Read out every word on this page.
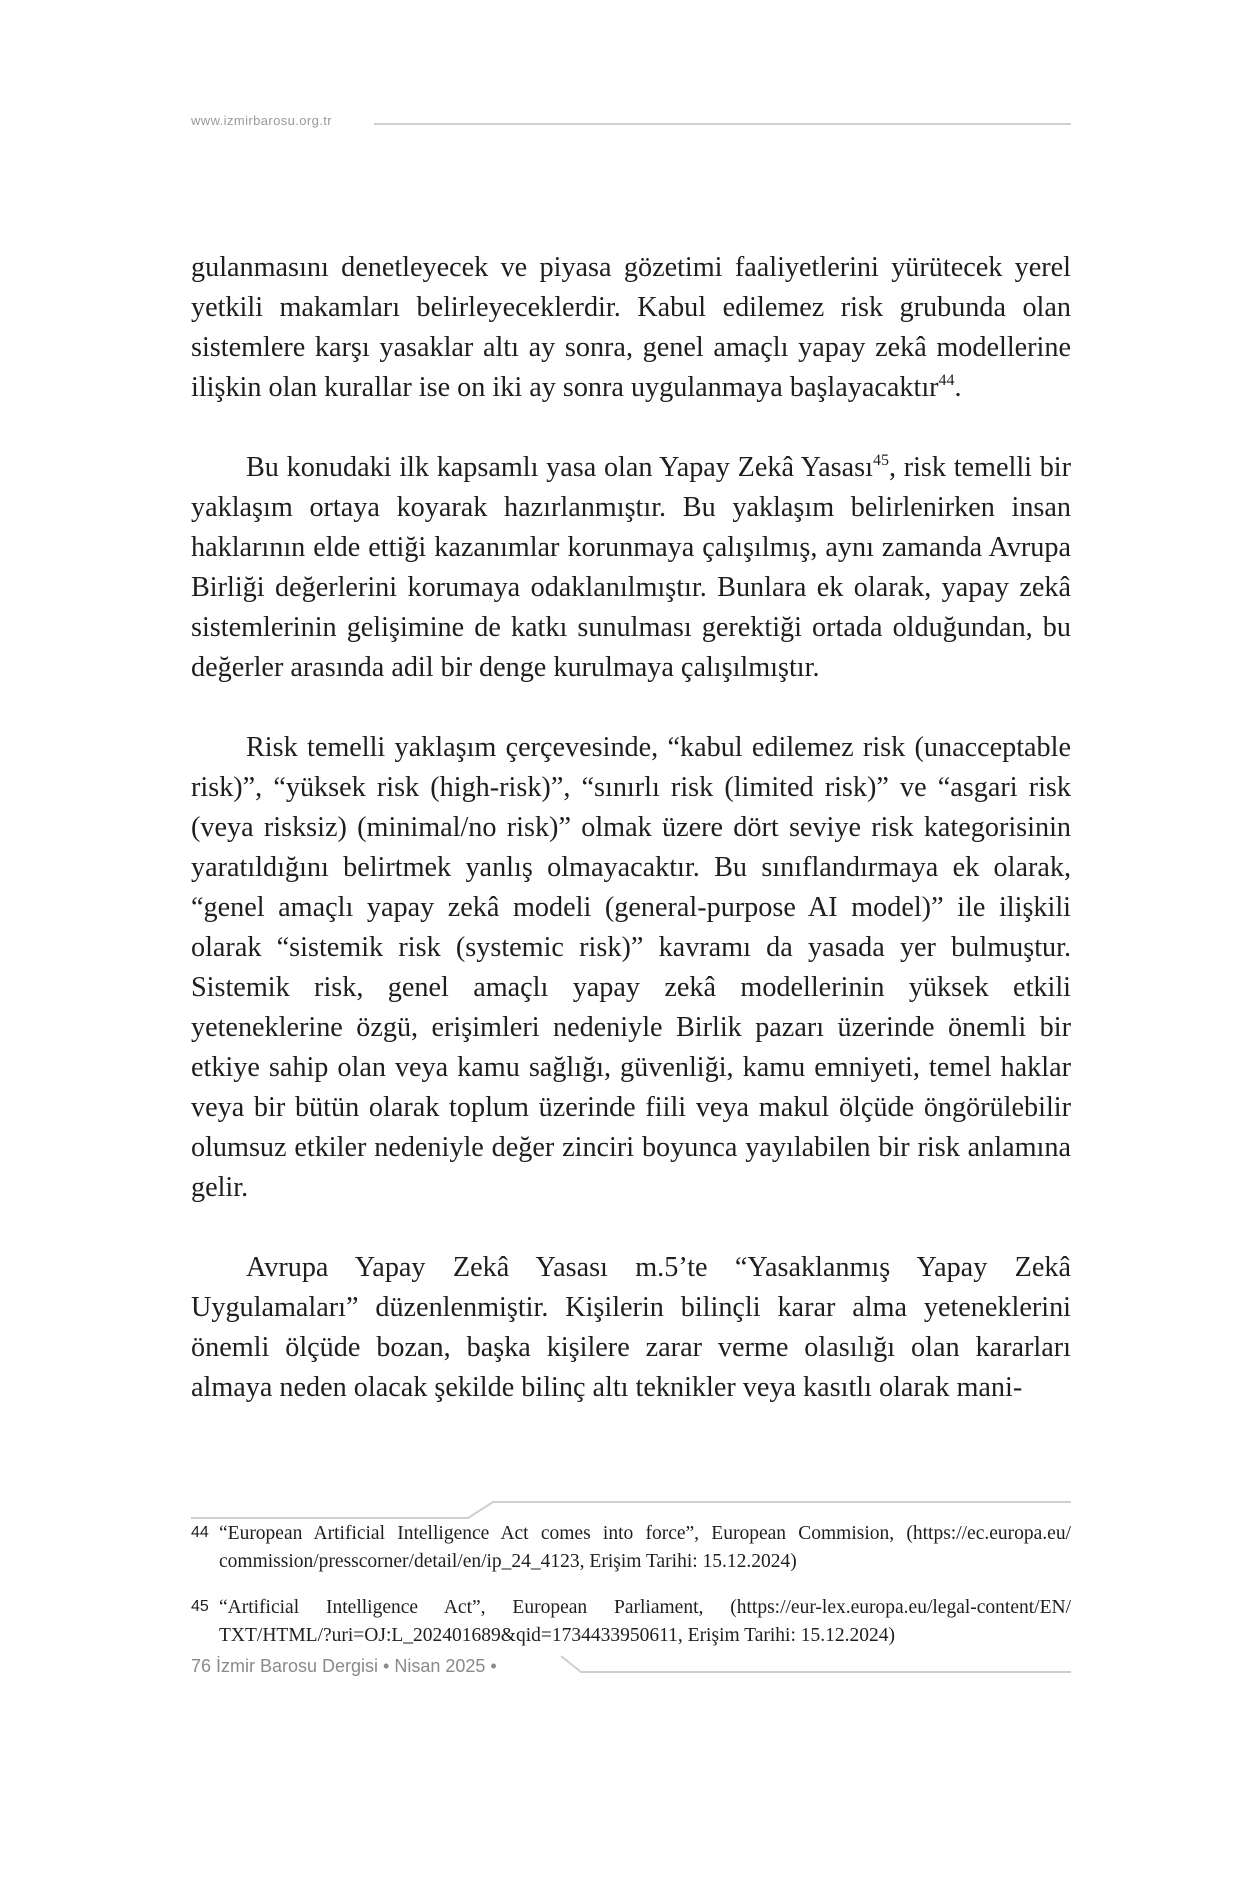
www.izmirbarosu.org.tr

gulanmasını denetleyecek ve piyasa gözetimi faaliyetlerini yürütecek yerel yetkili makamları belirleyeceklerdir. Kabul edilemez risk grubunda olan sistemlere karşı yasaklar altı ay sonra, genel amaçlı yapay zekâ modellerine ilişkin olan kurallar ise on iki ay sonra uygulanmaya başlayacaktır$^{44}$.

Bu konudaki ilk kapsamlı yasa olan Yapay Zekâ Yasası$^{45}$, risk temelli bir yaklaşım ortaya koyarak hazırlanmıştır. Bu yaklaşım belirlenirken insan haklarının elde ettiği kazanımlar korunmaya çalışılmış, aynı zamanda Avrupa Birliği değerlerini korumaya odaklanılmıştır. Bunlara ek olarak, yapay zekâ sistemlerinin gelişimine de katkı sunulması gerektiği ortada olduğundan, bu değerler arasında adil bir denge kurulmaya çalışılmıştır.

Risk temelli yaklaşım çerçevesinde, “kabul edilemez risk (unacceptable risk)”, “yüksek risk (high-risk)”, “sınırlı risk (limited risk)” ve “asgari risk (veya risksiz) (minimal/no risk)” olmak üzere dört seviye risk kategorisinin yaratıldığını belirtmek yanlış olmayacaktır. Bu sınıflandırmaya ek olarak, “genel amaçlı yapay zekâ modeli (general-purpose AI model)” ile ilişkili olarak “sistemik risk (systemic risk)” kavramı da yasada yer bulmuştur. Sistemik risk, genel amaçlı yapay zekâ modellerinin yüksek etkili yeteneklerine özgü, erişimleri nedeniyle Birlik pazarı üzerinde önemli bir etkiye sahip olan veya kamu sağlığı, güvenliği, kamu emniyeti, temel haklar veya bir bütün olarak toplum üzerinde fiili veya makul ölçüde öngörülebilir olumsuz etkiler nedeniyle değer zinciri boyunca yayılabilen bir risk anlamına gelir.

Avrupa Yapay Zekâ Yasası m.5’te “Yasaklanmış Yapay Zekâ Uygulamaları” düzenlenmiştir. Kişilerin bilinçli karar alma yeteneklerini önemli ölçüde bozan, başka kişilere zarar verme olasılığı olan kararları almaya neden olacak şekilde bilinç altı teknikler veya kasıtlı olarak mani-

44 “European Artificial Intelligence Act comes into force”, European Commision, (https://ec.europa.eu/ commission/presscorner/detail/en/ip_24_4123, Erişim Tarihi: 15.12.2024)
45 “Artificial Intelligence Act”, European Parliament, (https://eur-lex.europa.eu/legal-content/EN/ TXT/HTML/?uri=OJ:L_202401689&qid=1734433950611, Erişim Tarihi: 15.12.2024)
76 İzmir Barosu Dergisi • Nisan 2025 •
